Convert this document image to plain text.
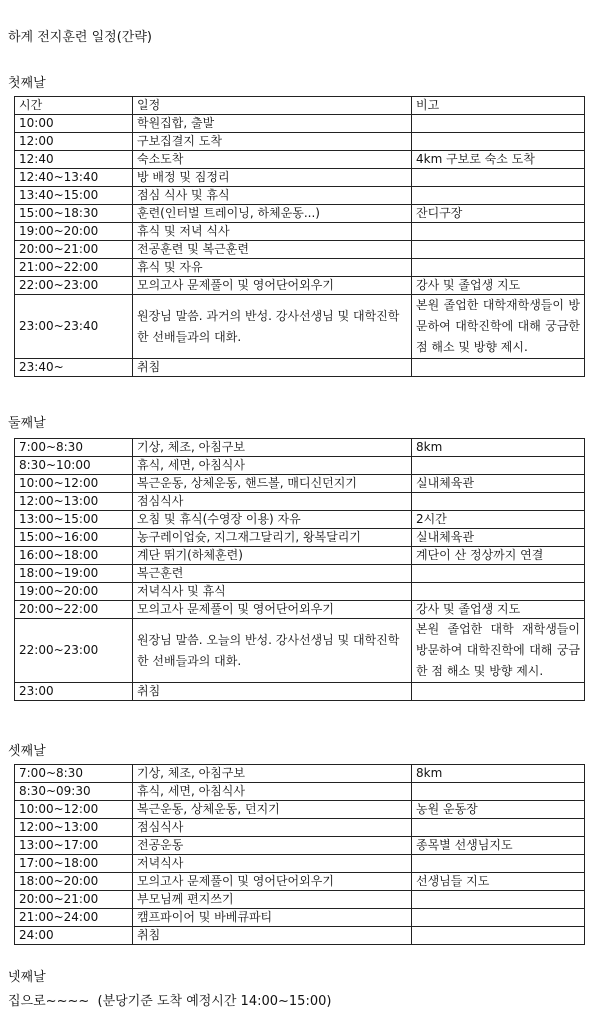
하계 전지훈련 일정(간략)
첫째날
시간	일정	비고
10:00	학원집합, 출발	
12:00	구보집결지 도착	
12:40	숙소도착	4km 구보로 숙소 도착
12:40~13:40	방 배정 및 짐정리	
13:40~15:00	점심 식사 및 휴식	
15:00~18:30	훈련(인터벌 트레이닝, 하체운동...)	잔디구장
19:00~20:00	휴식 및 저녁 식사	
20:00~21:00	전공훈련 및 복근훈련	
21:00~22:00	휴식 및 자유	
22:00~23:00	모의고사 문제풀이 및 영어단어외우기	강사 및 졸업생 지도
23:00~23:40	원장님 말씀. 과거의 반성. 강사선생님 및 대학진학 한 선배들과의 대화.	본원 졸업한 대학재학생들이 방문하여 대학진학에 대해 궁금한 점 해소 및 방향 제시.
23:40~	취침	
둘째날
7:00~8:30	기상, 체조, 아침구보	8km
8:30~10:00	휴식, 세면, 아침식사	
10:00~12:00	복근운동, 상체운동, 핸드볼, 매디신던지기	실내체육관
12:00~13:00	점심식사	
13:00~15:00	오침 및 휴식(수영장 이용) 자유	2시간
15:00~16:00	농구레이업슛, 지그재그달리기, 왕복달리기	실내체육관
16:00~18:00	계단 뛰기(하체훈련)	계단이 산 정상까지 연결
18:00~19:00	복근훈련	
19:00~20:00	저녁식사 및 휴식	
20:00~22:00	모의고사 문제풀이 및 영어단어외우기	강사 및 졸업생 지도
22:00~23:00	원장님 말씀. 오늘의 반성. 강사선생님 및 대학진학 한 선배들과의 대화.	본원 졸업한 대학 재학생들이 방문하여 대학진학에 대해 궁금한 점 해소 및 방향 제시.
23:00	취침	
셋째날
7:00~8:30	기상, 체조, 아침구보	8km
8:30~09:30	휴식, 세면, 아침식사	
10:00~12:00	복근운동, 상체운동, 던지기	농원 운동장
12:00~13:00	점심식사	
13:00~17:00	전공운동	종목별 선생님지도
17:00~18:00	저녁식사	
18:00~20:00	모의고사 문제풀이 및 영어단어외우기	선생님들 지도
20:00~21:00	부모님께 편지쓰기	
21:00~24:00	캠프파이어 및 바베큐파티	
24:00	취침	
넷째날
집으로~~~~  (분당기준 도착 예정시간 14:00~15:00)
